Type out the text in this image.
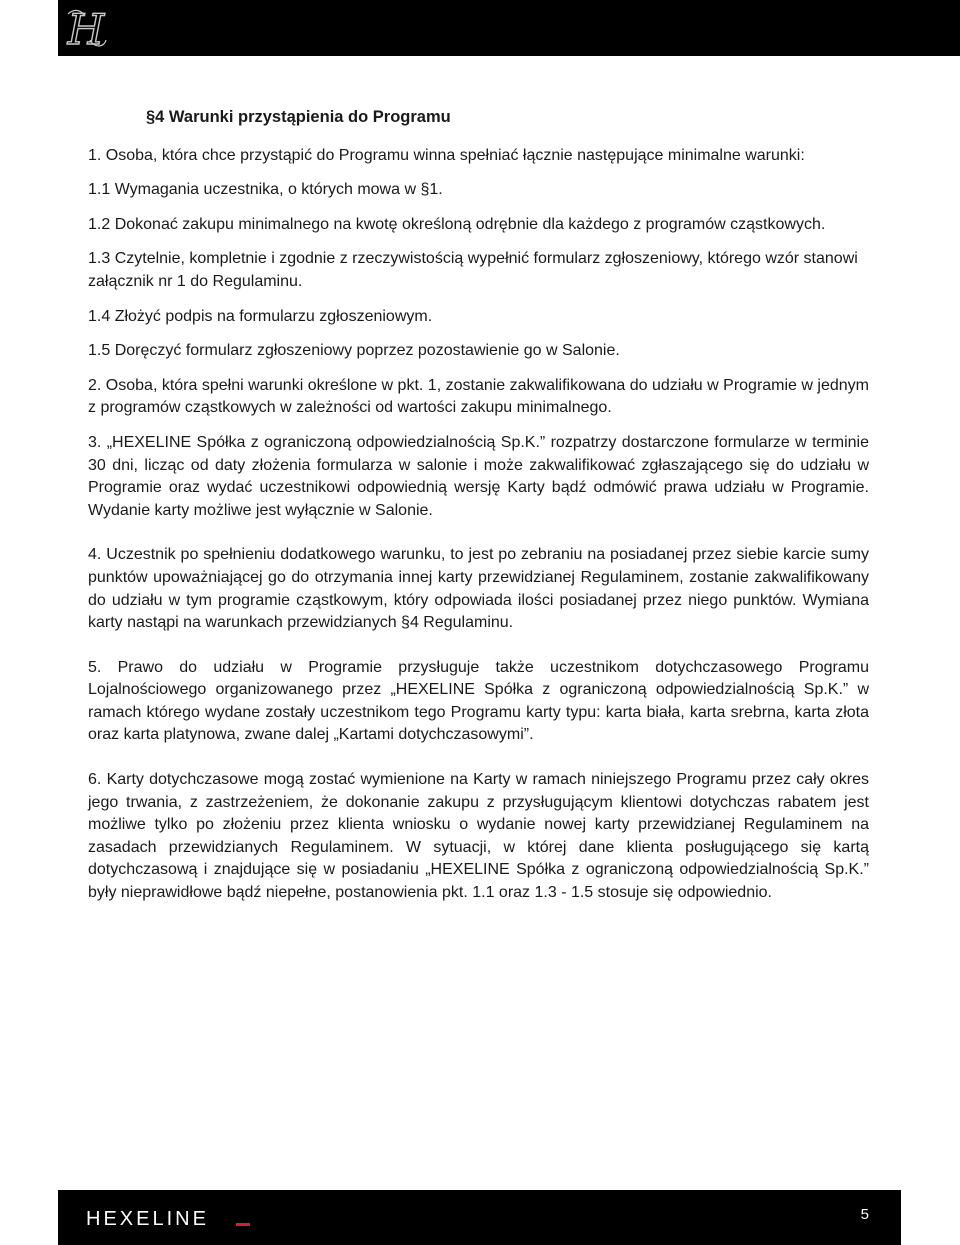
H

§4 Warunki przystąpienia do Programu

1. Osoba, która chce przystąpić do Programu winna spełniać łącznie następujące minimalne warunki:

1.1 Wymagania uczestnika, o których mowa w §1.

1.2 Dokonać zakupu minimalnego na kwotę określoną odrębnie dla każdego z programów cząstkowych.

1.3 Czytelnie, kompletnie i zgodnie z rzeczywistością wypełnić formularz zgłoszeniowy, którego wzór stanowi załącznik nr 1 do Regulaminu.

1.4 Złożyć podpis na formularzu zgłoszeniowym.

1.5 Doręczyć formularz zgłoszeniowy poprzez pozostawienie go w Salonie.

2. Osoba, która spełni warunki określone w pkt. 1, zostanie zakwalifikowana do udziału w Programie w jednym z programów cząstkowych w zależności od wartości zakupu minimalnego.

3. „HEXELINE Spółka z ograniczoną odpowiedzialnością Sp.K.” rozpatrzy dostarczone formularze w terminie 30 dni, licząc od daty złożenia formularza w salonie i może zakwalifikować zgłaszającego się do udziału w Programie oraz wydać uczestnikowi odpowiednią wersję Karty bądź odmówić prawa udziału w Programie. Wydanie karty możliwe jest wyłącznie w Salonie.

4. Uczestnik po spełnieniu dodatkowego warunku, to jest po zebraniu na posiadanej przez siebie karcie sumy punktów upoważniającej go do otrzymania innej karty przewidzianej Regulaminem, zostanie zakwalifikowany do udziału w tym programie cząstkowym, który odpowiada ilości posiadanej przez niego punktów. Wymiana karty nastąpi na warunkach przewidzianych §4 Regulaminu.

5. Prawo do udziału w Programie przysługuje także uczestnikom dotychczasowego Programu Lojalnościowego organizowanego przez „HEXELINE Spółka z ograniczoną odpowiedzialnością Sp.K.” w ramach którego wydane zostały uczestnikom tego Programu karty typu: karta biała, karta srebrna, karta złota oraz karta platynowa, zwane dalej „Kartami dotychczasowymi”.

6. Karty dotychczasowe mogą zostać wymienione na Karty w ramach niniejszego Programu przez cały okres jego trwania, z zastrzeżeniem, że dokonanie zakupu z przysługującym klientowi dotychczas rabatem jest możliwe tylko po złożeniu przez klienta wniosku o wydanie nowej karty przewidzianej Regulaminem na zasadach przewidzianych Regulaminem. W sytuacji, w której dane klienta posługującego się kartą dotychczasową i znajdujące się w posiadaniu „HEXELINE Spółka z ograniczoną odpowiedzialnością Sp.K.” były nieprawidłowe bądź niepełne, postanowienia pkt. 1.1 oraz 1.3 - 1.5 stosuje się odpowiednio.

HEXELINE	5
